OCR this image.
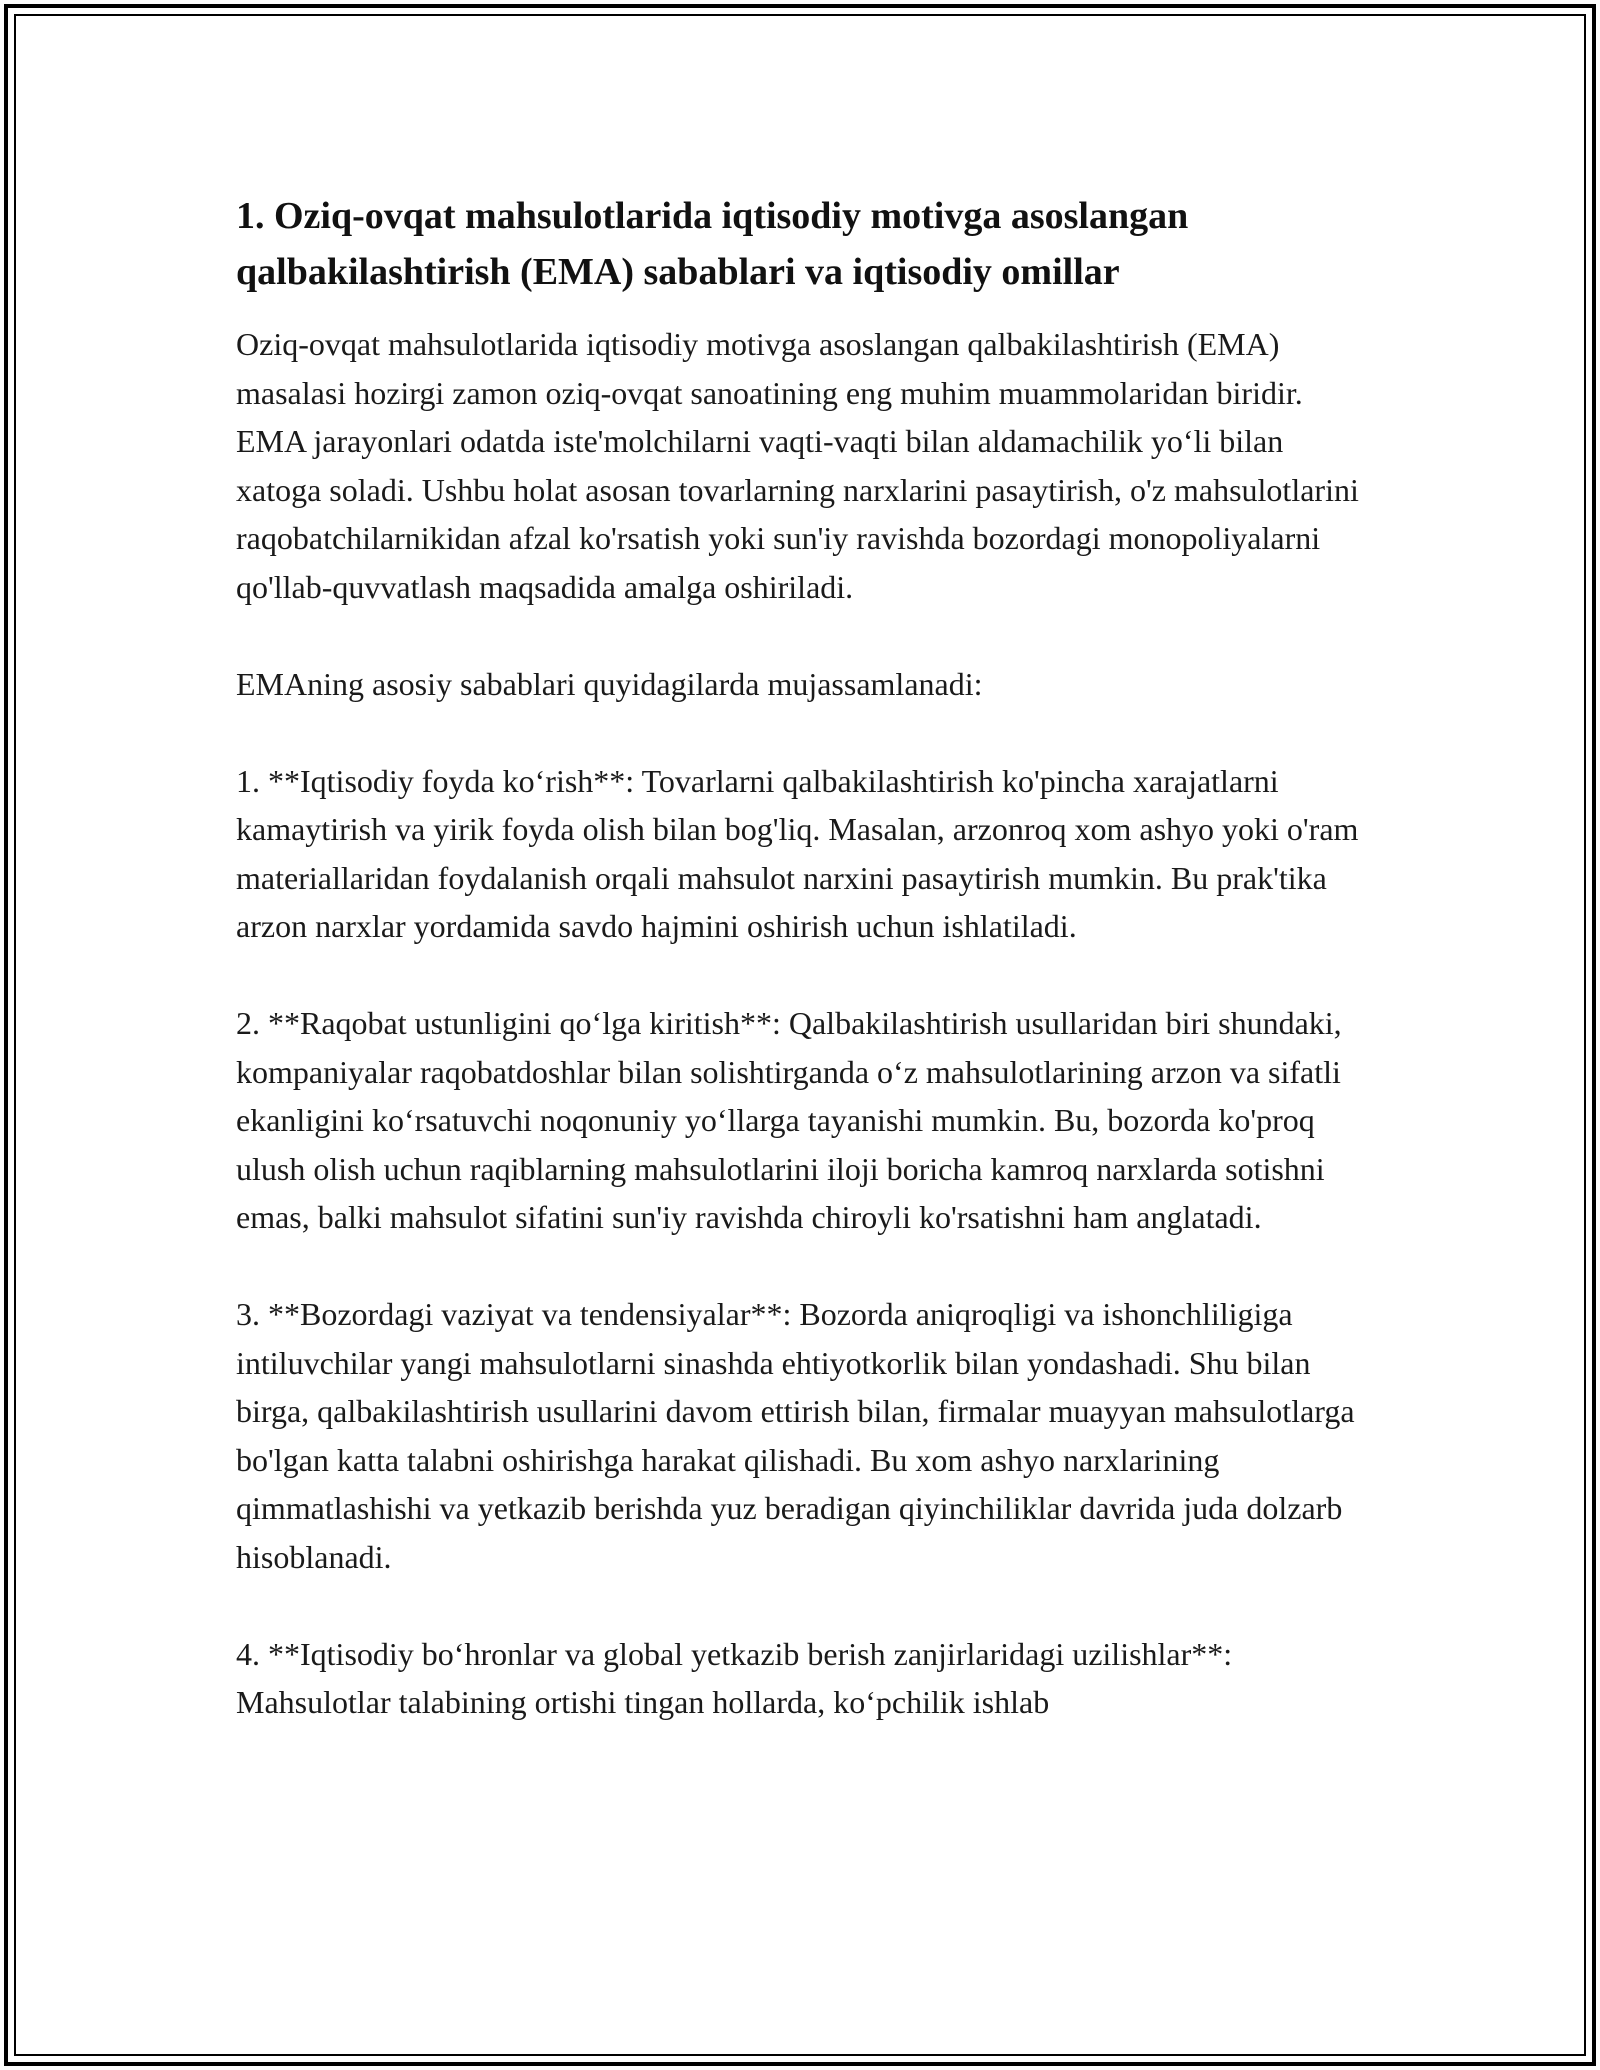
1. Oziq-ovqat mahsulotlarida iqtisodiy motivga asoslangan qalbakilashtirish (EMA) sabablari va iqtisodiy omillar

Oziq-ovqat mahsulotlarida iqtisodiy motivga asoslangan qalbakilashtirish (EMA) masalasi hozirgi zamon oziq-ovqat sanoatining eng muhim muammolaridan biridir. EMA jarayonlari odatda iste'molchilarni vaqti-vaqti bilan aldamachilik yo‘li bilan xatoga soladi. Ushbu holat asosan tovarlarning narxlarini pasaytirish, o'z mahsulotlarini raqobatchilarnikidan afzal ko'rsatish yoki sun'iy ravishda bozordagi monopoliyalarni qo'llab-quvvatlash maqsadida amalga oshiriladi.

EMAning asosiy sabablari quyidagilarda mujassamlanadi:

1. **Iqtisodiy foyda ko‘rish**: Tovarlarni qalbakilashtirish ko'pincha xarajatlarni kamaytirish va yirik foyda olish bilan bog'liq. Masalan, arzonroq xom ashyo yoki o'ram materiallaridan foydalanish orqali mahsulot narxini pasaytirish mumkin. Bu prak'tika arzon narxlar yordamida savdo hajmini oshirish uchun ishlatiladi.

2. **Raqobat ustunligini qo‘lga kiritish**: Qalbakilashtirish usullaridan biri shundaki, kompaniyalar raqobatdoshlar bilan solishtirganda o‘z mahsulotlarining arzon va sifatli ekanligini ko‘rsatuvchi noqonuniy yo‘llarga tayanishi mumkin. Bu, bozorda ko'proq ulush olish uchun raqiblarning mahsulotlarini iloji boricha kamroq narxlarda sotishni emas, balki mahsulot sifatini sun'iy ravishda chiroyli ko'rsatishni ham anglatadi.

3. **Bozordagi vaziyat va tendensiyalar**: Bozorda aniqroqligi va ishonchliligiga intiluvchilar yangi mahsulotlarni sinashda ehtiyotkorlik bilan yondashadi. Shu bilan birga, qalbakilashtirish usullarini davom ettirish bilan, firmalar muayyan mahsulotlarga bo'lgan katta talabni oshirishga harakat qilishadi. Bu xom ashyo narxlarining qimmatlashishi va yetkazib berishda yuz beradigan qiyinchiliklar davrida juda dolzarb hisoblanadi.

4. **Iqtisodiy bo‘hronlar va global yetkazib berish zanjirlaridagi uzilishlar**: Mahsulotlar talabining ortishi tingan hollarda, ko‘pchilik ishlab
